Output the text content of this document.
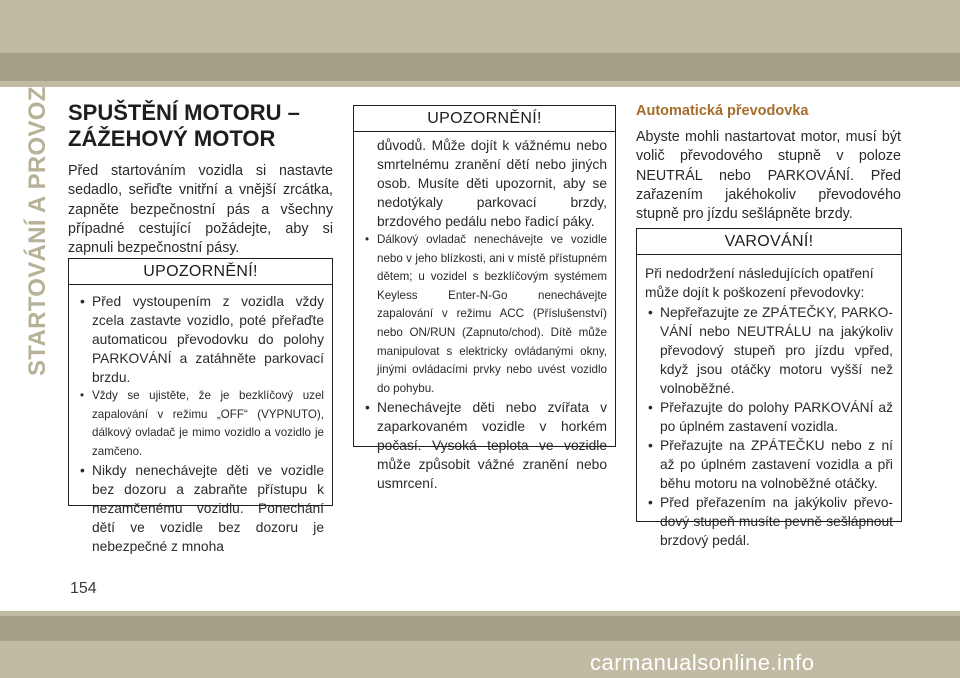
STARTOVÁNÍ A PROVOZ SPUŠTĚNÍ MOTORU –
ZÁŽEHOVÝ MOTOR

Před startováním vozidla si nastavte sedadlo, seřiďte vnitřní a vnější zrcátka, zapněte bezpečnostní pás a všechny případné cestující požádejte, aby si zapnuli bezpečnostní pásy.

UPOZORNĚNÍ!
• Před vystoupením z vozidla vždy zcela zastavte vozidlo, poté přeřaďte automaticou převodovku do polohy PARKOVÁNÍ a zatáhněte parkovací brzdu.
• Vždy se ujistěte, že je bezklíčový uzel zapalování v režimu „OFF“ (VYPNUTO), dálkový ovladač je mimo vozidlo a vozidlo je zamčeno.
• Nikdy nenechávejte děti ve vozidle bez dozoru a zabraňte přístupu k nezamčenému vozidlu. Ponechání dětí ve vozidle bez dozoru je nebezpečné z mnoha
UPOZORNĚNÍ!
důvodů. Může dojít k vážnému nebo smrtelnému zranění dětí nebo jiných osob. Musíte děti upozornit, aby se nedotýkaly parkovací brzdy, brzdového pedálu nebo řadicí páky.
• Dálkový ovladač nenechávejte ve vozidle nebo v jeho blízkosti, ani v místě přístupném dětem; u vozidel s bezklíčovým systémem Keyless Enter-N-Go nenechávejte zapalování v režimu ACC (Příslušenství) nebo ON/RUN (Zapnuto/chod). Dítě může manipulovat s elektricky ovládanými okny, jinými ovládacími prvky nebo uvést vozidlo do pohybu.
• Nenechávejte děti nebo zvířata v zaparkovaném vozidle v horkém počasí. Vysoká teplota ve vozidle může způsobit vážné zranění nebo usmrcení.
Automatická převodovka

Abyste mohli nastartovat motor, musí být volič převodového stupně v poloze NEUTRÁL nebo PARKOVÁNÍ. Před zařazením jakéhokoliv převodového stupně pro jízdu sešlápněte brzdy.

VAROVÁNÍ!
Při nedodržení následujících opatření může dojít k poškození převodovky:
• Nepřeřazujte ze ZPÁTEČKY, PARKOVÁNÍ nebo NEUTRÁLU na jakýkoliv převodový stupeň pro jízdu vpřed, když jsou otáčky motoru vyšší než volnoběžné.
• Přeřazujte do polohy PARKOVÁNÍ až po úplném zastavení vozidla.
• Přeřazujte na ZPÁTEČKU nebo z ní až po úplném zastavení vozidla a při běhu motoru na volnoběžné otáčky.
• Před přeřazením na jakýkoliv převodový stupeň musíte pevně sešlápnout brzdový pedál.
154
carmanualsonline.info
